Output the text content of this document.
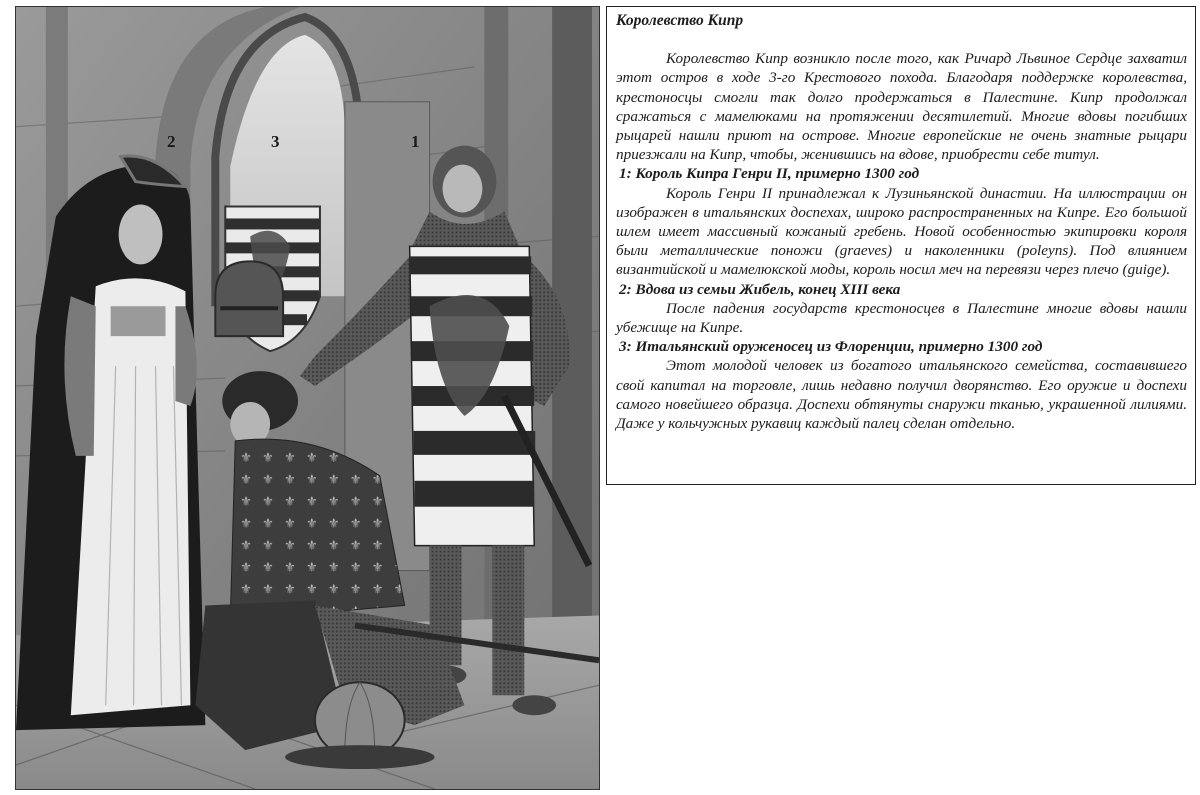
2	3	1

Королевство Кипр

Королевство Кипр возникло после того, как Ричард Львиное Сердце захватил этот остров в ходе 3-го Крестового похода. Благодаря поддержке королевства, крестоносцы смогли так долго продержаться в Палестине. Кипр продолжал сражаться с мамелюками на протяжении десятилетий. Многие вдовы погибших рыцарей нашли приют на острове. Многие европейские не очень знатные рыцари приезжали на Кипр, чтобы, женившись на вдове, приобрести себе титул.

1: Король Кипра Генри II, примерно 1300 год

Король Генри II принадлежал к Лузиньянской династии. На иллюстрации он изображен в итальянских доспехах, широко распространенных на Кипре. Его большой шлем имеет массивный кожаный гребень. Новой особенностью экипировки короля были металлические поножи (graeves) и наколенники (poleyns). Под влиянием византийской и мамелюкской моды, король носил меч на перевязи через плечо (guige).

2: Вдова из семьи Жибель, конец XIII века

После падения государств крестоносцев в Палестине многие вдовы нашли убежище на Кипре.

3: Итальянский оруженосец из Флоренции, примерно 1300 год

Этот молодой человек из богатого итальянского семейства, составившего свой капитал на торговле, лишь недавно получил дворянство. Его оружие и доспехи самого новейшего образца. Доспехи обтянуты снаружи тканью, украшенной лилиями. Даже у кольчужных рукавиц каждый палец сделан отдельно.
